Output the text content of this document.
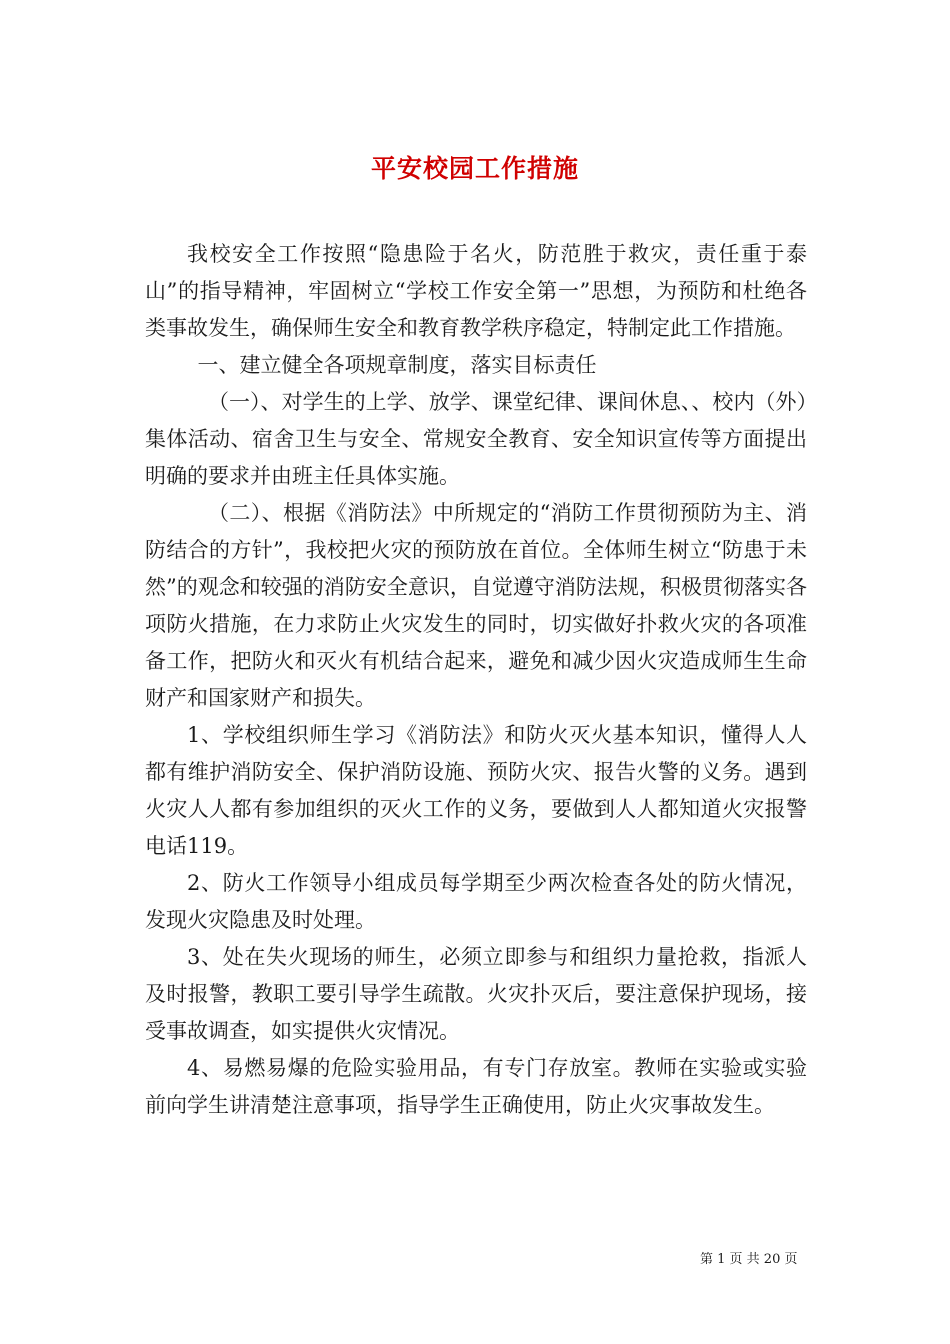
平安校园工作措施

我校安全工作按照“隐患险于名火，防范胜于救灾，责任重于泰山”的指导精神，牢固树立“学校工作安全第一”思想，为预防和杜绝各类事故发生，确保师生安全和教育教学秩序稳定，特制定此工作措施。

一、建立健全各项规章制度，落实目标责任

（一）、对学生的上学、放学、课堂纪律、课间休息、、校内（外）集体活动、宿舍卫生与安全、常规安全教育、安全知识宣传等方面提出明确的要求并由班主任具体实施。

（二）、根据《消防法》中所规定的“消防工作贯彻预防为主、消防结合的方针”，我校把火灾的预防放在首位。全体师生树立“防患于未然”的观念和较强的消防安全意识，自觉遵守消防法规，积极贯彻落实各项防火措施，在力求防止火灾发生的同时，切实做好扑救火灾的各项准备工作，把防火和灭火有机结合起来，避免和减少因火灾造成师生生命财产和国家财产和损失。

1、学校组织师生学习《消防法》和防火灭火基本知识，懂得人人都有维护消防安全、保护消防设施、预防火灾、报告火警的义务。遇到火灾人人都有参加组织的灭火工作的义务，要做到人人都知道火灾报警电话119。

2、防火工作领导小组成员每学期至少两次检查各处的防火情况，发现火灾隐患及时处理。

3、处在失火现场的师生，必须立即参与和组织力量抢救，指派人及时报警，教职工要引导学生疏散。火灾扑灭后，要注意保护现场，接受事故调查，如实提供火灾情况。

4、易燃易爆的危险实验用品，有专门存放室。教师在实验或实验前向学生讲清楚注意事项，指导学生正确使用，防止火灾事故发生。

第 1 页 共 20 页
